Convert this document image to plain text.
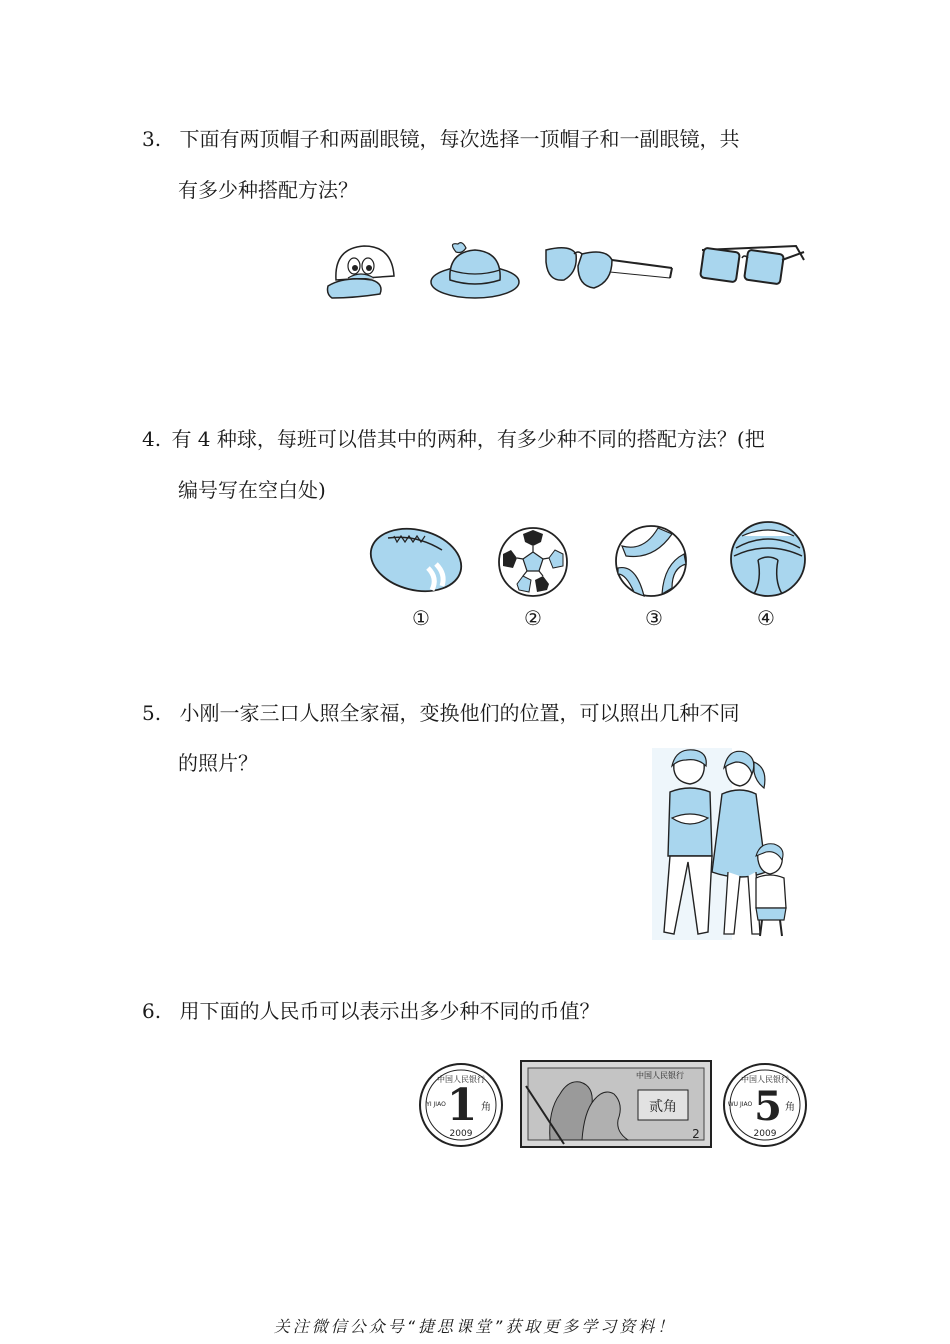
3. 下面有两顶帽子和两副眼镜，每次选择一顶帽子和一副眼镜，共
有多少种搭配方法？
4. 有 4 种球，每班可以借其中的两种，有多少种不同的搭配方法？(把
编号写在空白处)
①	②	③	④
5. 小刚一家三口人照全家福，变换他们的位置，可以照出几种不同
的照片？
6. 用下面的人民币可以表示出多少种不同的币值？
中国人民银行
1 角
YI JIAO
2009
中国人民银行
贰角
2
中国人民银行
5 角
WU JIAO
2009
关注微信公众号“捷思课堂”获取更多学习资料！
